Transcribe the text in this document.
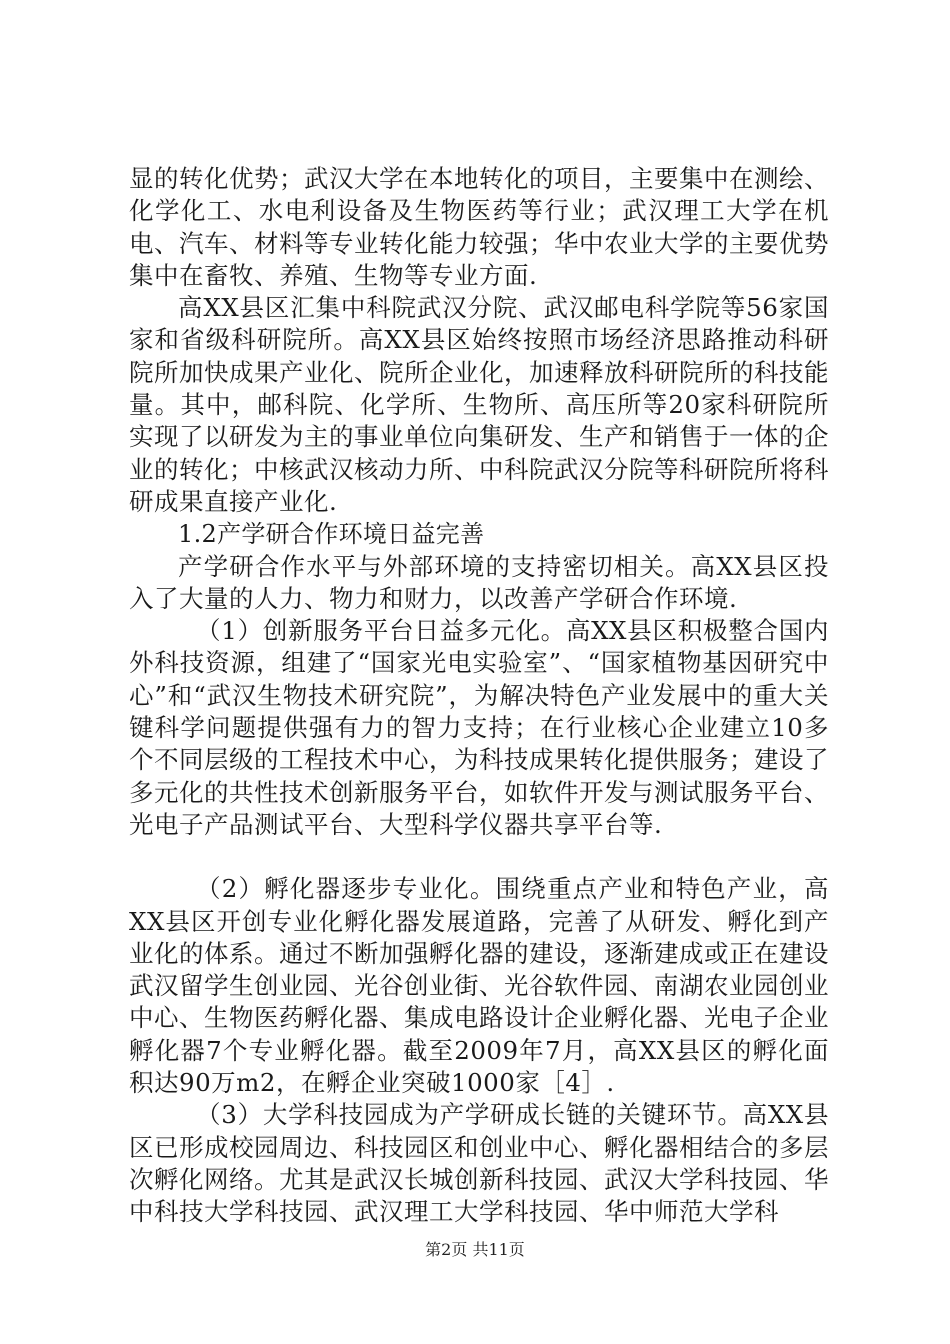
显的转化优势；武汉大学在本地转化的项目，主要集中在测绘、化学化工、水电利设备及生物医药等行业；武汉理工大学在机电、汽车、材料等专业转化能力较强；华中农业大学的主要优势集中在畜牧、养殖、生物等专业方面.

高XX县区汇集中科院武汉分院、武汉邮电科学院等56家国家和省级科研院所。高XX县区始终按照市场经济思路推动科研院所加快成果产业化、院所企业化，加速释放科研院所的科技能量。其中，邮科院、化学所、生物所、高压所等20家科研院所实现了以研发为主的事业单位向集研发、生产和销售于一体的企业的转化；中核武汉核动力所、中科院武汉分院等科研院所将科研成果直接产业化.

1.2产学研合作环境日益完善

产学研合作水平与外部环境的支持密切相关。高XX县区投入了大量的人力、物力和财力，以改善产学研合作环境.

（1）创新服务平台日益多元化。高XX县区积极整合国内外科技资源，组建了“国家光电实验室”、“国家植物基因研究中心”和“武汉生物技术研究院”，为解决特色产业发展中的重大关键科学问题提供强有力的智力支持；在行业核心企业建立10多个不同层级的工程技术中心，为科技成果转化提供服务；建设了多元化的共性技术创新服务平台，如软件开发与测试服务平台、光电子产品测试平台、大型科学仪器共享平台等.

（2）孵化器逐步专业化。围绕重点产业和特色产业，高XX县区开创专业化孵化器发展道路，完善了从研发、孵化到产业化的体系。通过不断加强孵化器的建设，逐渐建成或正在建设武汉留学生创业园、光谷创业街、光谷软件园、南湖农业园创业中心、生物医药孵化器、集成电路设计企业孵化器、光电子企业孵化器7个专业孵化器。截至2009年7月，高XX县区的孵化面积达90万m2，在孵企业突破1000家［4］.

（3）大学科技园成为产学研成长链的关键环节。高XX县区已形成校园周边、科技园区和创业中心、孵化器相结合的多层次孵化网络。尤其是武汉长城创新科技园、武汉大学科技园、华中科技大学科技园、武汉理工大学科技园、华中师范大学科

第2页 共11页
